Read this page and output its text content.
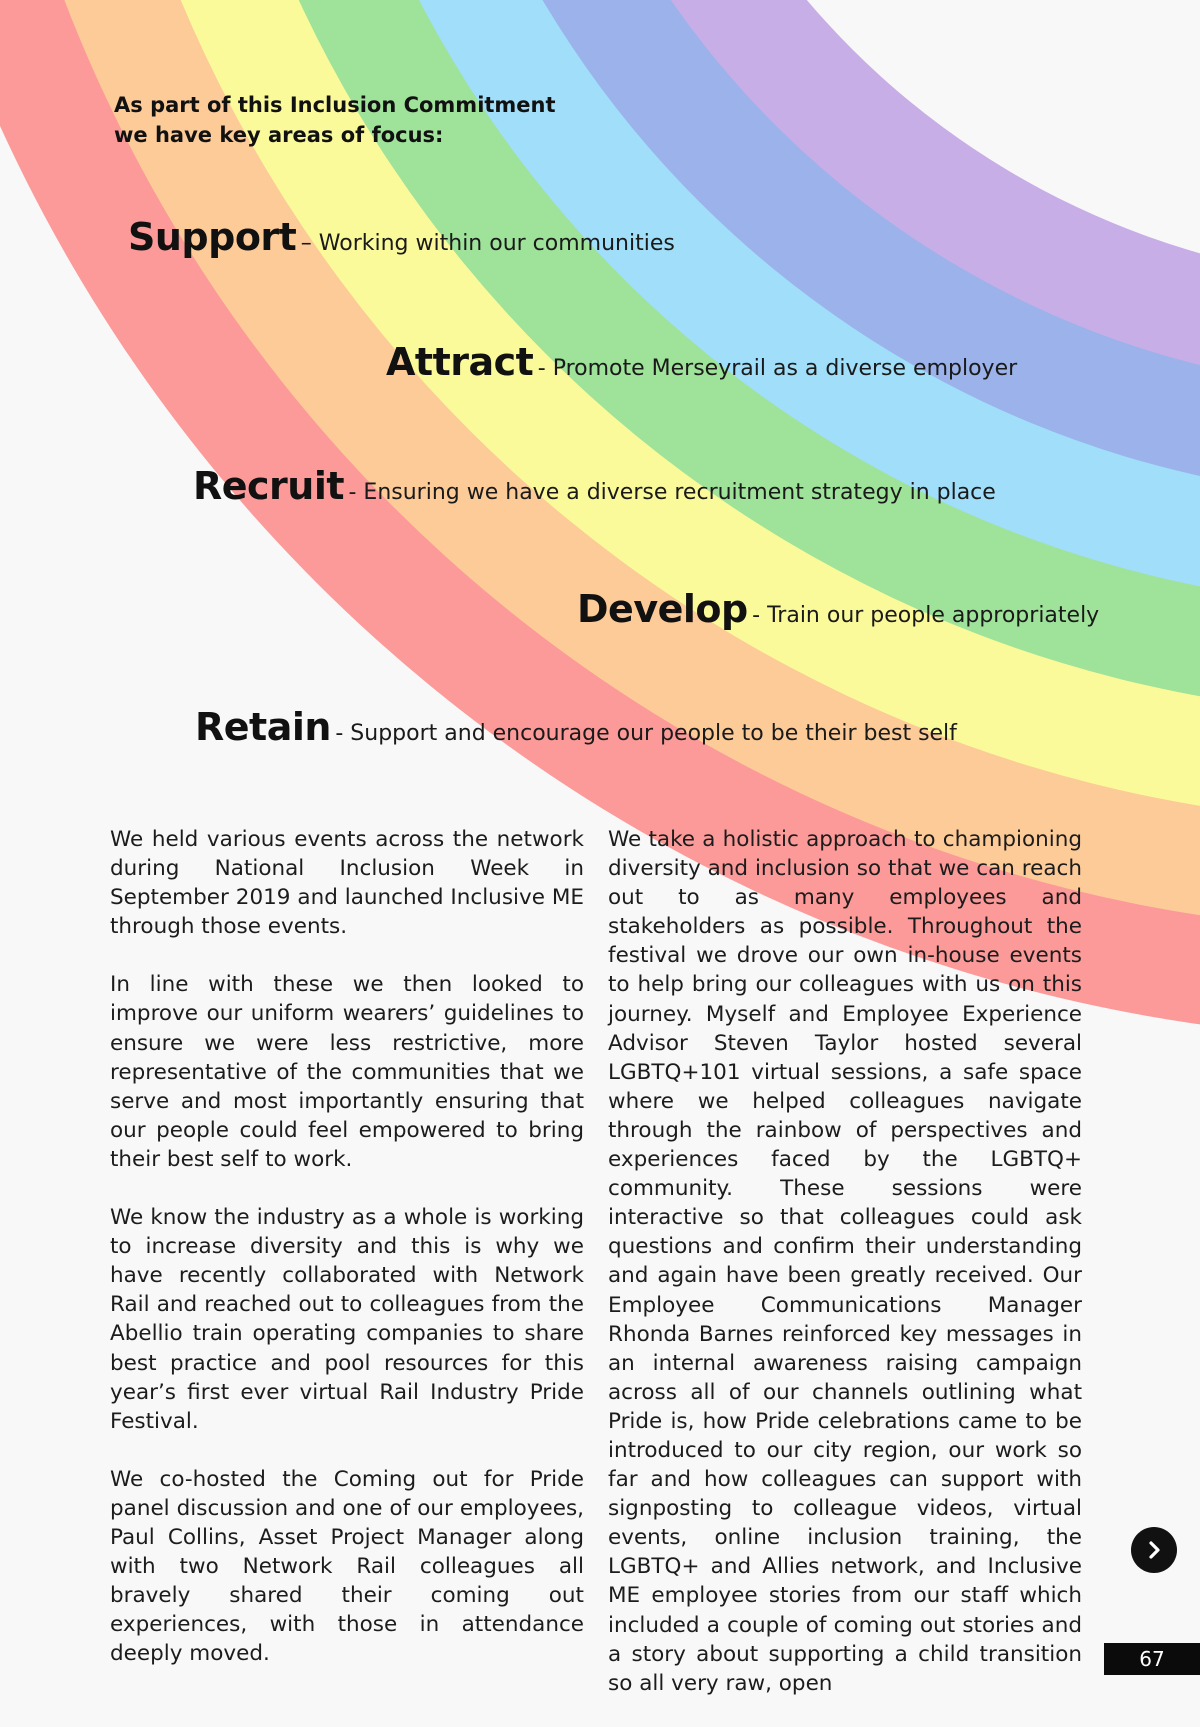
As part of this Inclusion Commitment
we have key areas of focus:
Support – Working within our communities
Attract - Promote Merseyrail as a diverse employer
Recruit - Ensuring we have a diverse recruitment strategy in place
Develop - Train our people appropriately
Retain - Support and encourage our people to be their best self

We held various events across the network during National Inclusion Week in September 2019 and launched Inclusive ME through those events.

In line with these we then looked to improve our uniform wearers’ guidelines to ensure we were less restrictive, more representative of the communities that we serve and most importantly ensuring that our people could feel empowered to bring their best self to work.

We know the industry as a whole is working to increase diversity and this is why we have recently collaborated with Network Rail and reached out to colleagues from the Abellio train operating companies to share best practice and pool resources for this year’s first ever virtual Rail Industry Pride Festival.

We co-hosted the Coming out for Pride panel discussion and one of our employees, Paul Collins, Asset Project Manager along with two Network Rail colleagues all bravely shared their coming out experiences, with those in attendance deeply moved.

We take a holistic approach to championing diversity and inclusion so that we can reach out to as many employees and stakeholders as possible. Throughout the festival we drove our own in-house events to help bring our colleagues with us on this journey. Myself and Employee Experience Advisor Steven Taylor hosted several LGBTQ+101 virtual sessions, a safe space where we helped colleagues navigate through the rainbow of perspectives and experiences faced by the LGBTQ+ community. These sessions were interactive so that colleagues could ask questions and confirm their understanding and again have been greatly received. Our Employee Communications Manager Rhonda Barnes reinforced key messages in an internal awareness raising campaign across all of our channels outlining what Pride is, how Pride celebrations came to be introduced to our city region, our work so far and how colleagues can support with signposting to colleague videos, virtual events, online inclusion training, the LGBTQ+ and Allies network, and Inclusive ME employee stories from our staff which included a couple of coming out stories and a story about supporting a child transition so all very raw, open

67
